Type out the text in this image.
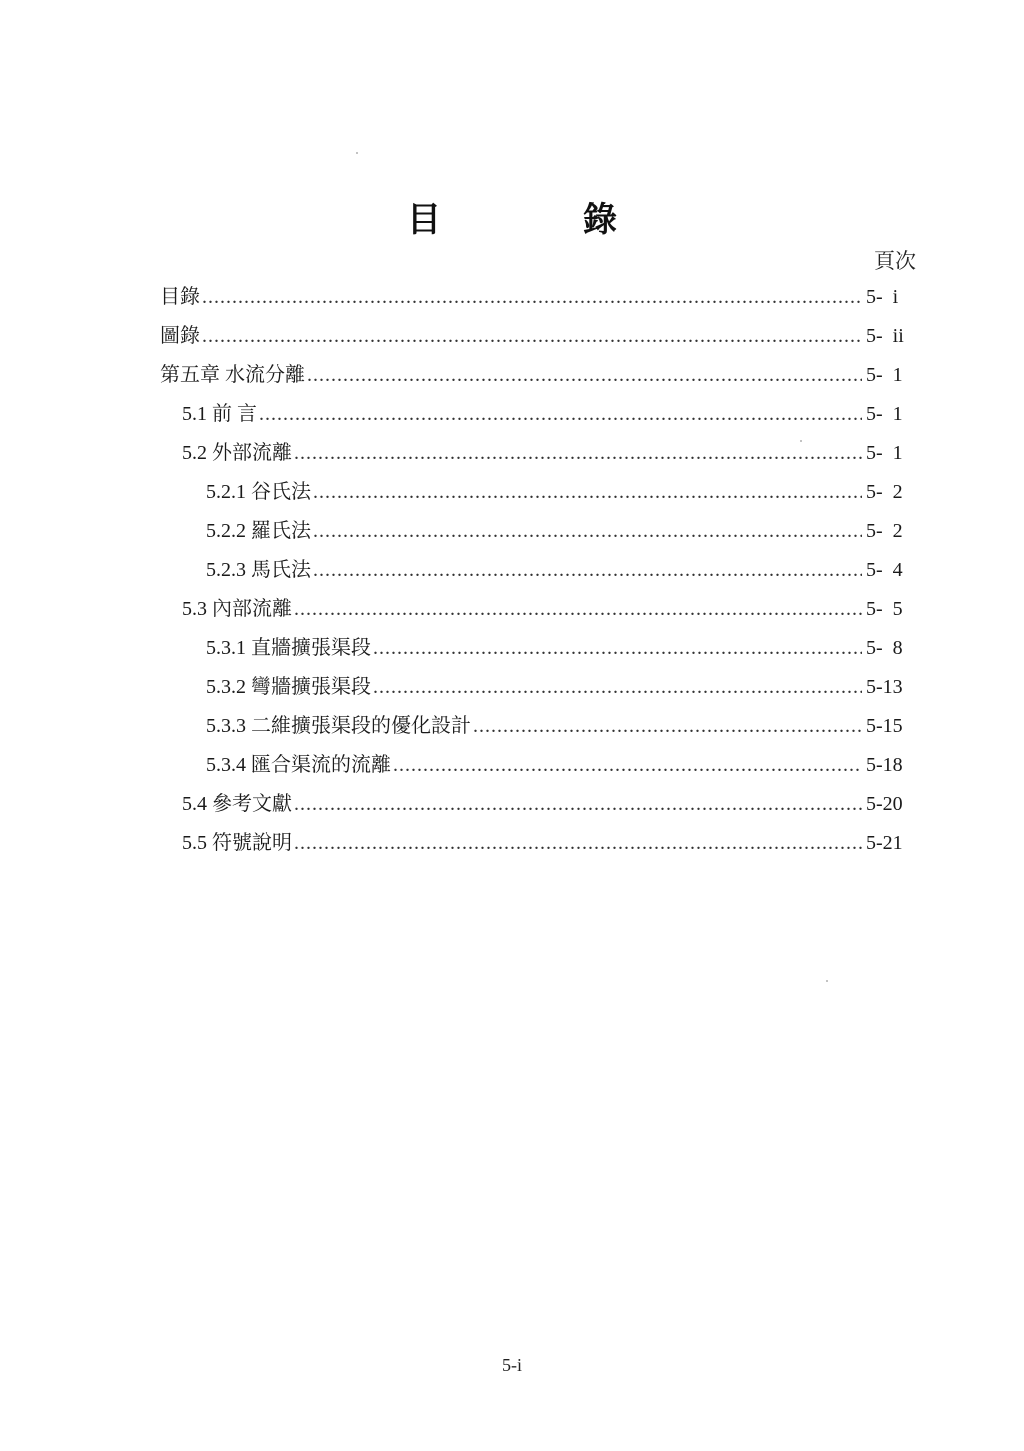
目　錄
頁次
目錄 .....	5-  i
圖錄 .....	5-  ii
第五章 水流分離 .....	5-  1
5.1 前 言 .....	5-  1
5.2 外部流離 .....	5-  1
5.2.1 谷氏法 .....	5-  2
5.2.2 羅氏法 .....	5-  2
5.2.3 馬氏法 .....	5-  4
5.3 內部流離 .....	5-  5
5.3.1 直牆擴張渠段 .....	5-  8
5.3.2 彎牆擴張渠段 .....	5-13
5.3.3 二維擴張渠段的優化設計 .....	5-15
5.3.4 匯合渠流的流離 .....	5-18
5.4 參考文獻 .....	5-20
5.5 符號說明 .....	5-21
5-i
